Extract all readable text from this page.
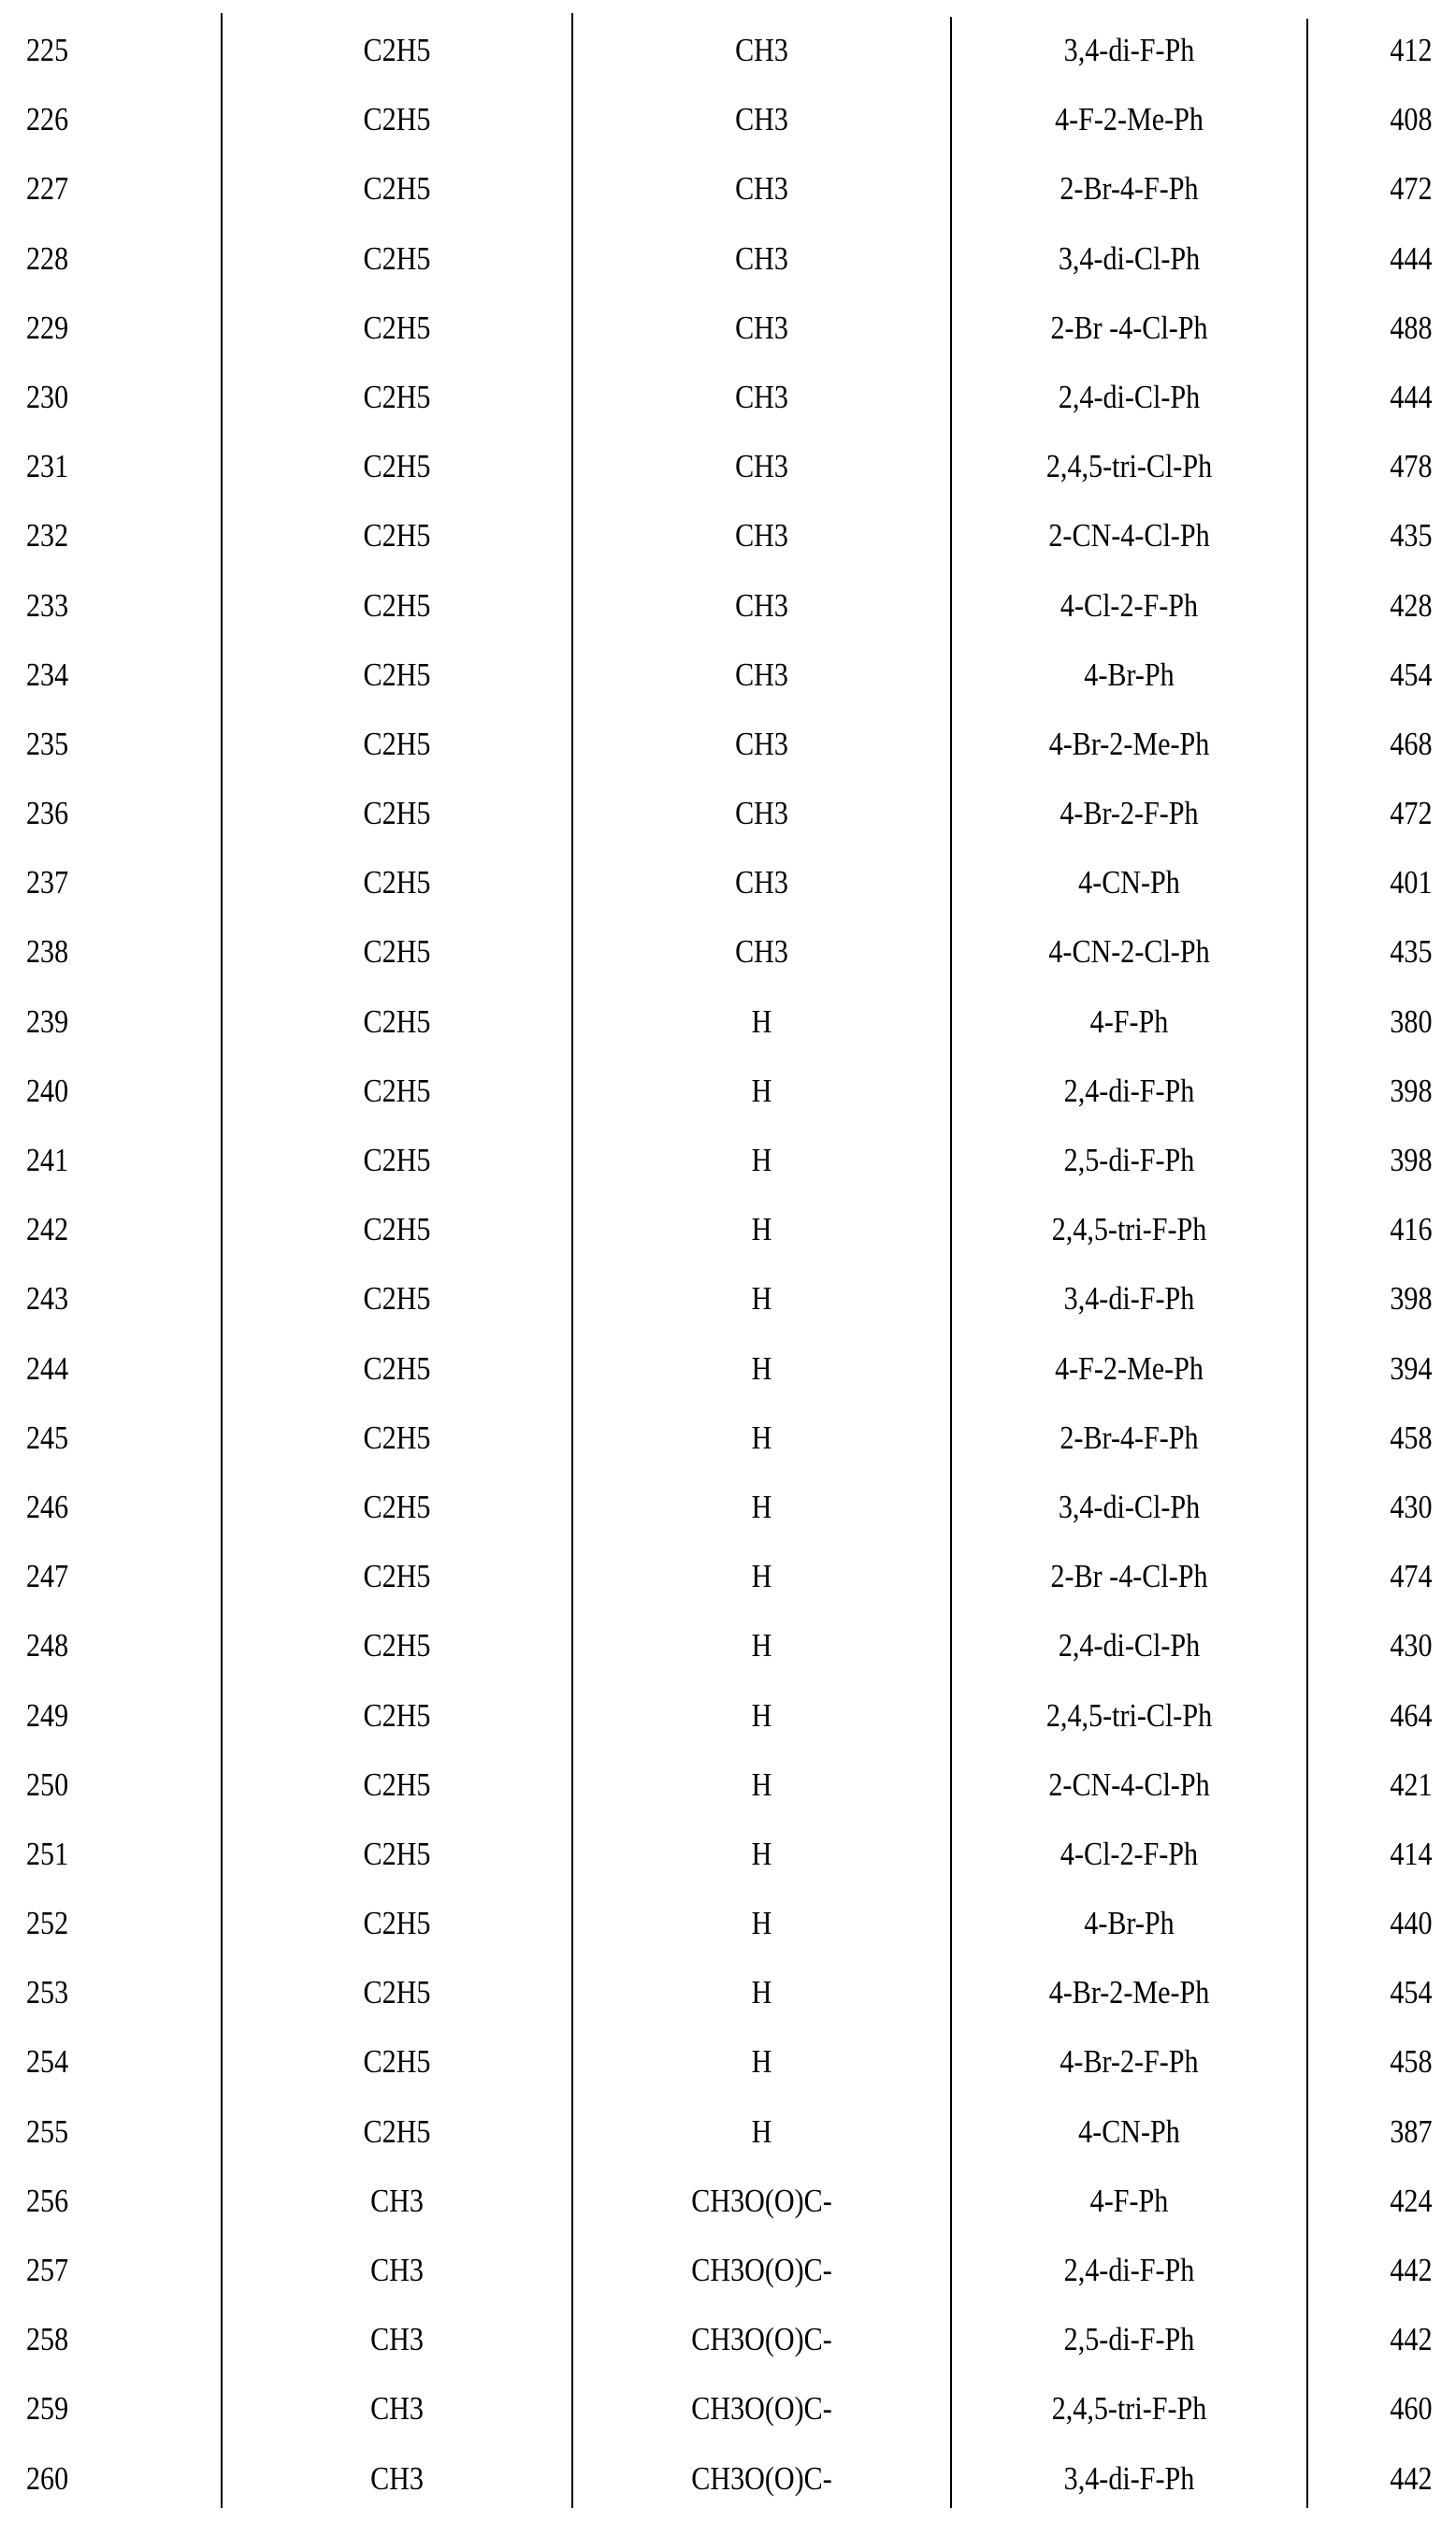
225	C2H5	CH3	3,4-di-F-Ph	412
226	C2H5	CH3	4-F-2-Me-Ph	408
227	C2H5	CH3	2-Br-4-F-Ph	472
228	C2H5	CH3	3,4-di-Cl-Ph	444
229	C2H5	CH3	2-Br -4-Cl-Ph	488
230	C2H5	CH3	2,4-di-Cl-Ph	444
231	C2H5	CH3	2,4,5-tri-Cl-Ph	478
232	C2H5	CH3	2-CN-4-Cl-Ph	435
233	C2H5	CH3	4-Cl-2-F-Ph	428
234	C2H5	CH3	4-Br-Ph	454
235	C2H5	CH3	4-Br-2-Me-Ph	468
236	C2H5	CH3	4-Br-2-F-Ph	472
237	C2H5	CH3	4-CN-Ph	401
238	C2H5	CH3	4-CN-2-Cl-Ph	435
239	C2H5	H	4-F-Ph	380
240	C2H5	H	2,4-di-F-Ph	398
241	C2H5	H	2,5-di-F-Ph	398
242	C2H5	H	2,4,5-tri-F-Ph	416
243	C2H5	H	3,4-di-F-Ph	398
244	C2H5	H	4-F-2-Me-Ph	394
245	C2H5	H	2-Br-4-F-Ph	458
246	C2H5	H	3,4-di-Cl-Ph	430
247	C2H5	H	2-Br -4-Cl-Ph	474
248	C2H5	H	2,4-di-Cl-Ph	430
249	C2H5	H	2,4,5-tri-Cl-Ph	464
250	C2H5	H	2-CN-4-Cl-Ph	421
251	C2H5	H	4-Cl-2-F-Ph	414
252	C2H5	H	4-Br-Ph	440
253	C2H5	H	4-Br-2-Me-Ph	454
254	C2H5	H	4-Br-2-F-Ph	458
255	C2H5	H	4-CN-Ph	387
256	CH3	CH3O(O)C-	4-F-Ph	424
257	CH3	CH3O(O)C-	2,4-di-F-Ph	442
258	CH3	CH3O(O)C-	2,5-di-F-Ph	442
259	CH3	CH3O(O)C-	2,4,5-tri-F-Ph	460
260	CH3	CH3O(O)C-	3,4-di-F-Ph	442
